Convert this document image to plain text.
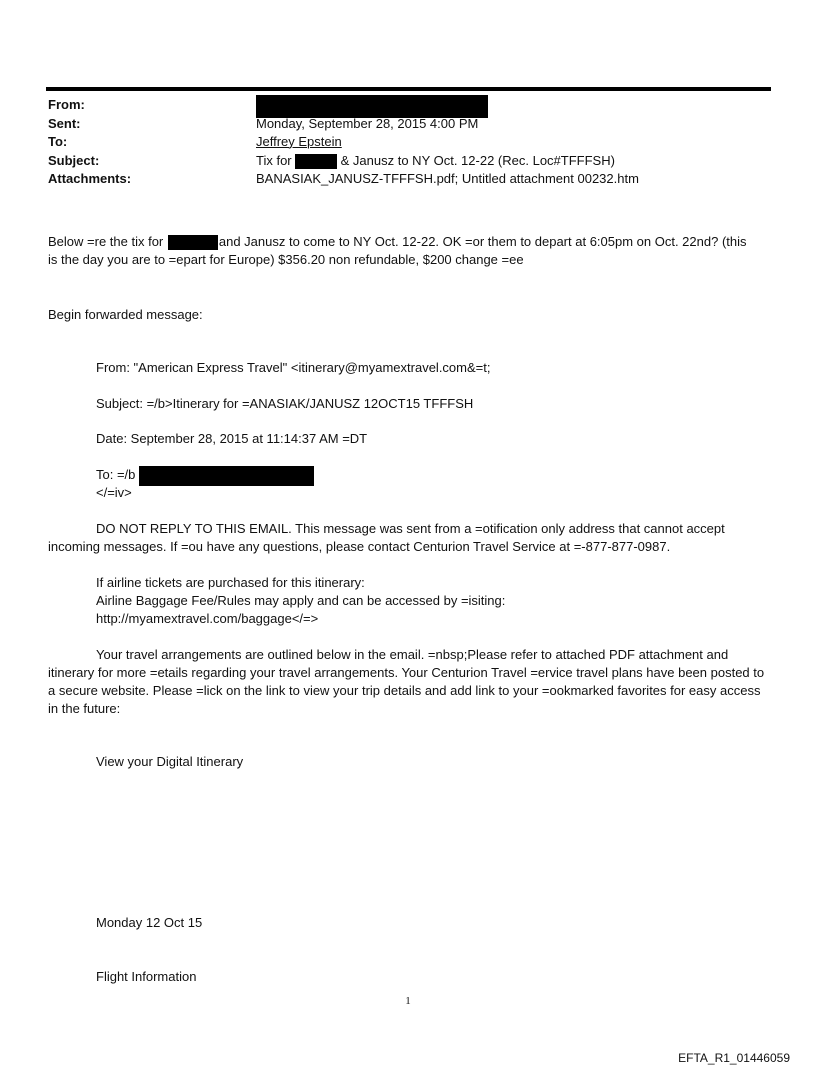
From:
Sent:	Monday, September 28, 2015 4:00 PM
To:	Jeffrey Epstein
Subject:	Tix for	& Janusz to NY Oct. 12-22 (Rec. Loc#TFFFSH)
Attachments:	BANASIAK_JANUSZ-TFFFSH.pdf; Untitled attachment 00232.htm
Below =re the tix for	and Janusz to come to NY Oct. 12-22. OK =or them to depart at 6:05pm on Oct. 22nd? (this
is the day you are to =epart for Europe) $356.20 non refundable, $200 change =ee
Begin forwarded message:
From: "American Express Travel" <itinerary@myamextravel.com&=t;
Subject: =/b>Itinerary for =ANASIAK/JANUSZ 12OCT15 TFFFSH
Date: September 28, 2015 at 11:14:37 AM =DT
To: =/b
</=iv>
DO NOT REPLY TO THIS EMAIL. This message was sent from a =otification only address that cannot accept incoming messages. If =ou have any questions, please contact Centurion Travel Service at =-877-877-0987.
If airline tickets are purchased for this itinerary:
Airline Baggage Fee/Rules may apply and can be accessed by =isiting:
http://myamextravel.com/baggage</=>
Your travel arrangements are outlined below in the email. =nbsp;Please refer to attached PDF attachment and itinerary for more =etails regarding your travel arrangements. Your Centurion Travel =ervice travel plans have been posted to a secure website. Please =lick on the link to view your trip details and add link to your =ookmarked favorites for easy access in the future:
View your Digital Itinerary
Monday 12 Oct 15
Flight Information
1
EFTA_R1_01446059
